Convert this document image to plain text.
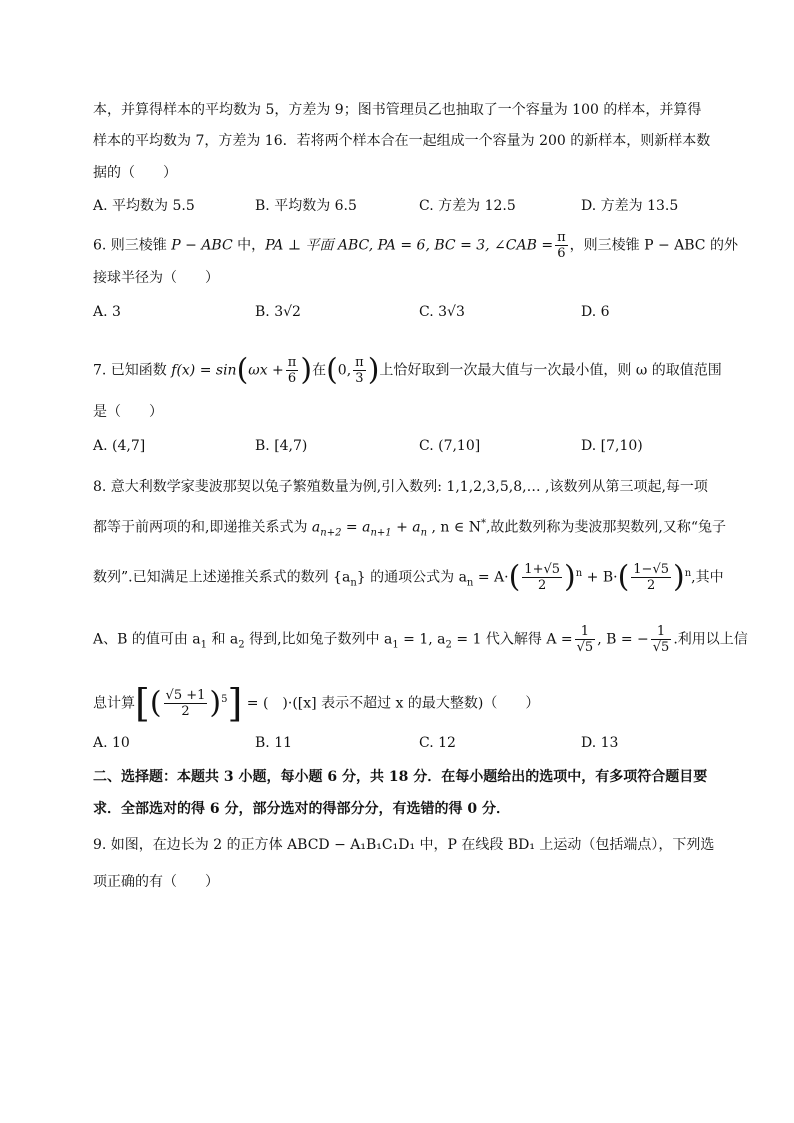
本，并算得样本的平均数为 5，方差为 9；图书管理员乙也抽取了一个容量为 100 的样本，并算得
样本的平均数为 7，方差为 16．若将两个样本合在一起组成一个容量为 200 的新样本，则新样本数
据的（　　）
A. 平均数为 5.5	B. 平均数为 6.5	C. 方差为 12.5	D. 方差为 13.5
6. 则三棱锥 P − ABC 中，PA ⊥ 平面 ABC, PA = 6, BC = 3, ∠CAB = $\frac{\pi}{6}$ ，则三棱锥 P − ABC 的外
接球半径为（　　）
A. 3	B. 3√2	C. 3√3	D. 6
7. 已知函数 $f(x) = \sin(\omega x + \frac{\pi}{6}$ )在(0, $\frac{\pi}{3}$ )上恰好取到一次最大值与一次最小值，则 ω 的取值范围
是（　　）
A. (4,7]	B. [4,7)	C. (7,10]	D. [7,10)
8. 意大利数学家斐波那契以兔子繁殖数量为例,引入数列: 1,1,2,3,5,8,… ,该数列从第三项起,每一项
都等于前两项的和,即递推关系式为 $a_{n+2} = a_{n+1} + a_n$ , n ∈ N*,故此数列称为斐波那契数列,又称“兔子
数列”.已知满足上述递推关系式的数列 $\{a_n\}$ 的通项公式为 $a_n = A\cdot( \frac{1+√5}{2} )^n + B\cdot( \frac{1-√5}{2} )^n$,其中
A、B 的值可由 $a_1$ 和 $a_2$ 得到,比如兔子数列中 $a_1 = 1$, $a_2 = 1$ 代入解得 $A = \frac{1}{√5}$ , B = − $\frac{1}{√5}$ .利用以上信
息计算[( $\frac{√5 +1}{2} )^5$] = (　)·([x] 表示不超过 x 的最大整数)（　　）
A. 10	B. 11	C. 12	D. 13
二、选择题：本题共 3 小题，每小题 6 分，共 18 分．在每小题给出的选项中，有多项符合题目要
求．全部选对的得 6 分，部分选对的得部分分，有选错的得 0 分．
9. 如图，在边长为 2 的正方体 ABCD − A₁B₁C₁D₁ 中，P 在线段 BD₁ 上运动（包括端点），下列选
项正确的有（　　）
